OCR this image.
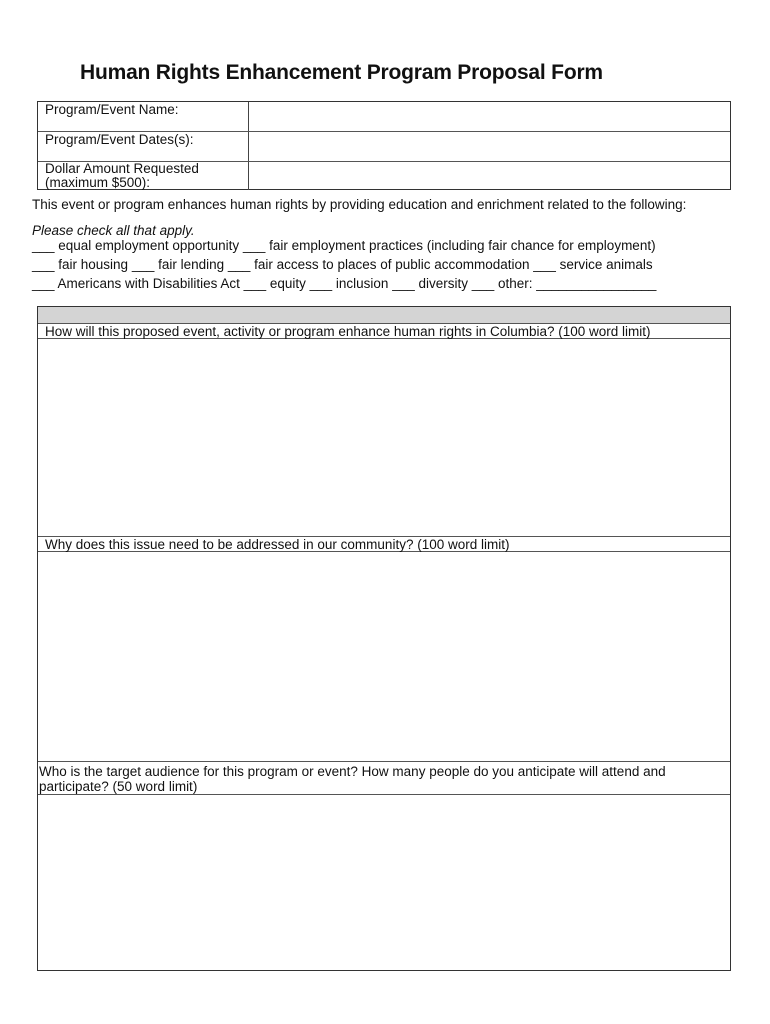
Human Rights Enhancement Program Proposal Form
Program/Event Name:
Program/Event Dates(s):
Dollar Amount Requested
(maximum $500):
This event or program enhances human rights by providing education and enrichment related to the following:
Please check all that apply.
___ equal employment opportunity ___ fair employment practices (including fair chance for employment)
___ fair housing ___ fair lending ___ fair access to places of public accommodation ___ service animals
___ Americans with Disabilities Act ___ equity ___ inclusion ___ diversity ___ other: ________________
How will this proposed event, activity or program enhance human rights in Columbia? (100 word limit)
Why does this issue need to be addressed in our community? (100 word limit)
Who is the target audience for this program or event? How many people do you anticipate will attend and
participate? (50 word limit)
